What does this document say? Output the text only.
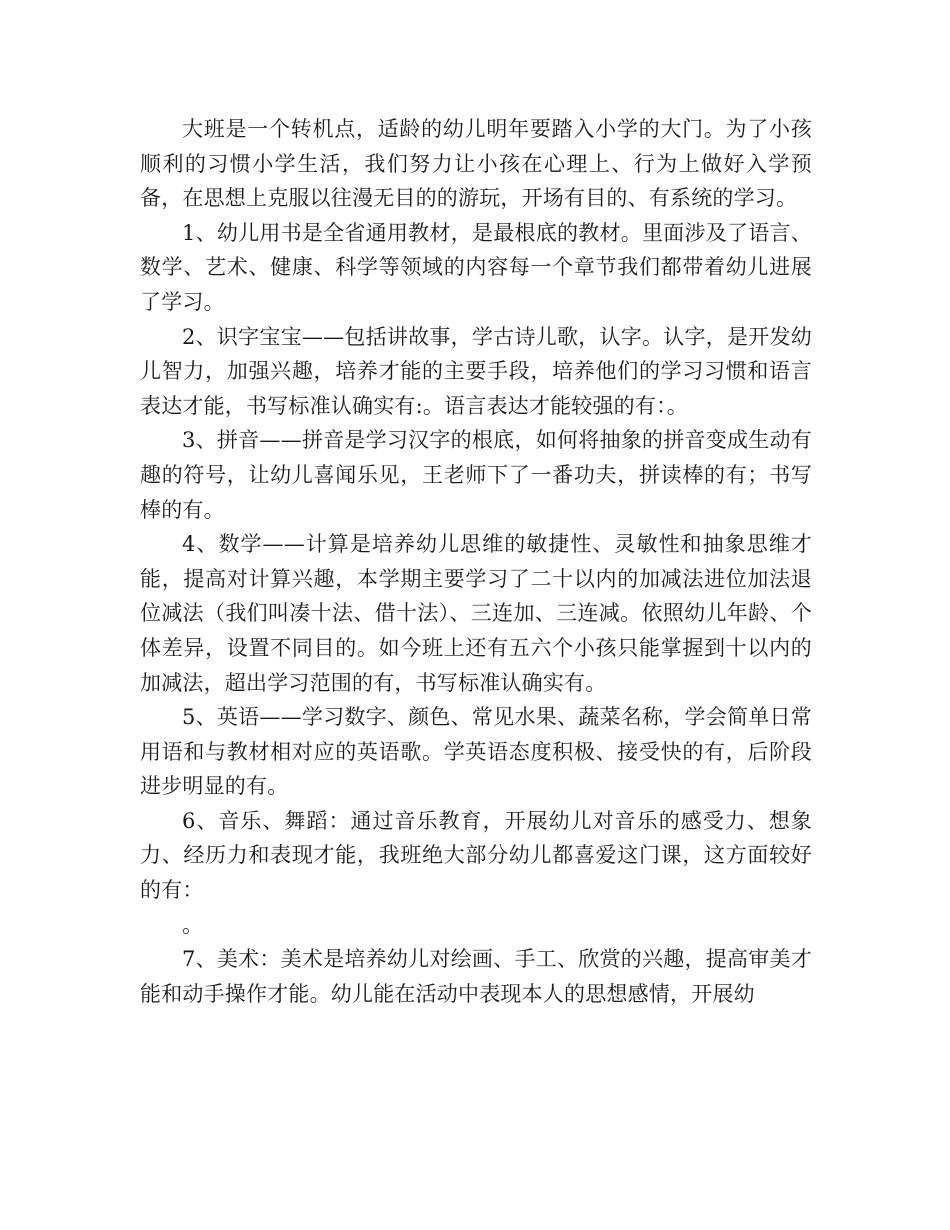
大班是一个转机点，适龄的幼儿明年要踏入小学的大门。为了小孩顺利的习惯小学生活，我们努力让小孩在心理上、行为上做好入学预备，在思想上克服以往漫无目的的游玩，开场有目的、有系统的学习。

1、幼儿用书是全省通用教材，是最根底的教材。里面涉及了语言、数学、艺术、健康、科学等领域的内容每一个章节我们都带着幼儿进展了学习。

2、识字宝宝——包括讲故事，学古诗儿歌，认字。认字，是开发幼儿智力，加强兴趣，培养才能的主要手段，培养他们的学习习惯和语言表达才能，书写标准认确实有:。语言表达才能较强的有：。

3、拼音——拼音是学习汉字的根底，如何将抽象的拼音变成生动有趣的符号，让幼儿喜闻乐见，王老师下了一番功夫，拼读棒的有；书写棒的有。

4、数学——计算是培养幼儿思维的敏捷性、灵敏性和抽象思维才能，提高对计算兴趣，本学期主要学习了二十以内的加减法进位加法退位减法（我们叫凑十法、借十法）、三连加、三连减。依照幼儿年龄、个体差异，设置不同目的。如今班上还有五六个小孩只能掌握到十以内的加减法，超出学习范围的有，书写标准认确实有。

5、英语——学习数字、颜色、常见水果、蔬菜名称，学会简单日常用语和与教材相对应的英语歌。学英语态度积极、接受快的有，后阶段进步明显的有。

6、音乐、舞蹈：通过音乐教育，开展幼儿对音乐的感受力、想象力、经历力和表现才能，我班绝大部分幼儿都喜爱这门课，这方面较好的有：

。

7、美术：美术是培养幼儿对绘画、手工、欣赏的兴趣，提高审美才能和动手操作才能。幼儿能在活动中表现本人的思想感情，开展幼
